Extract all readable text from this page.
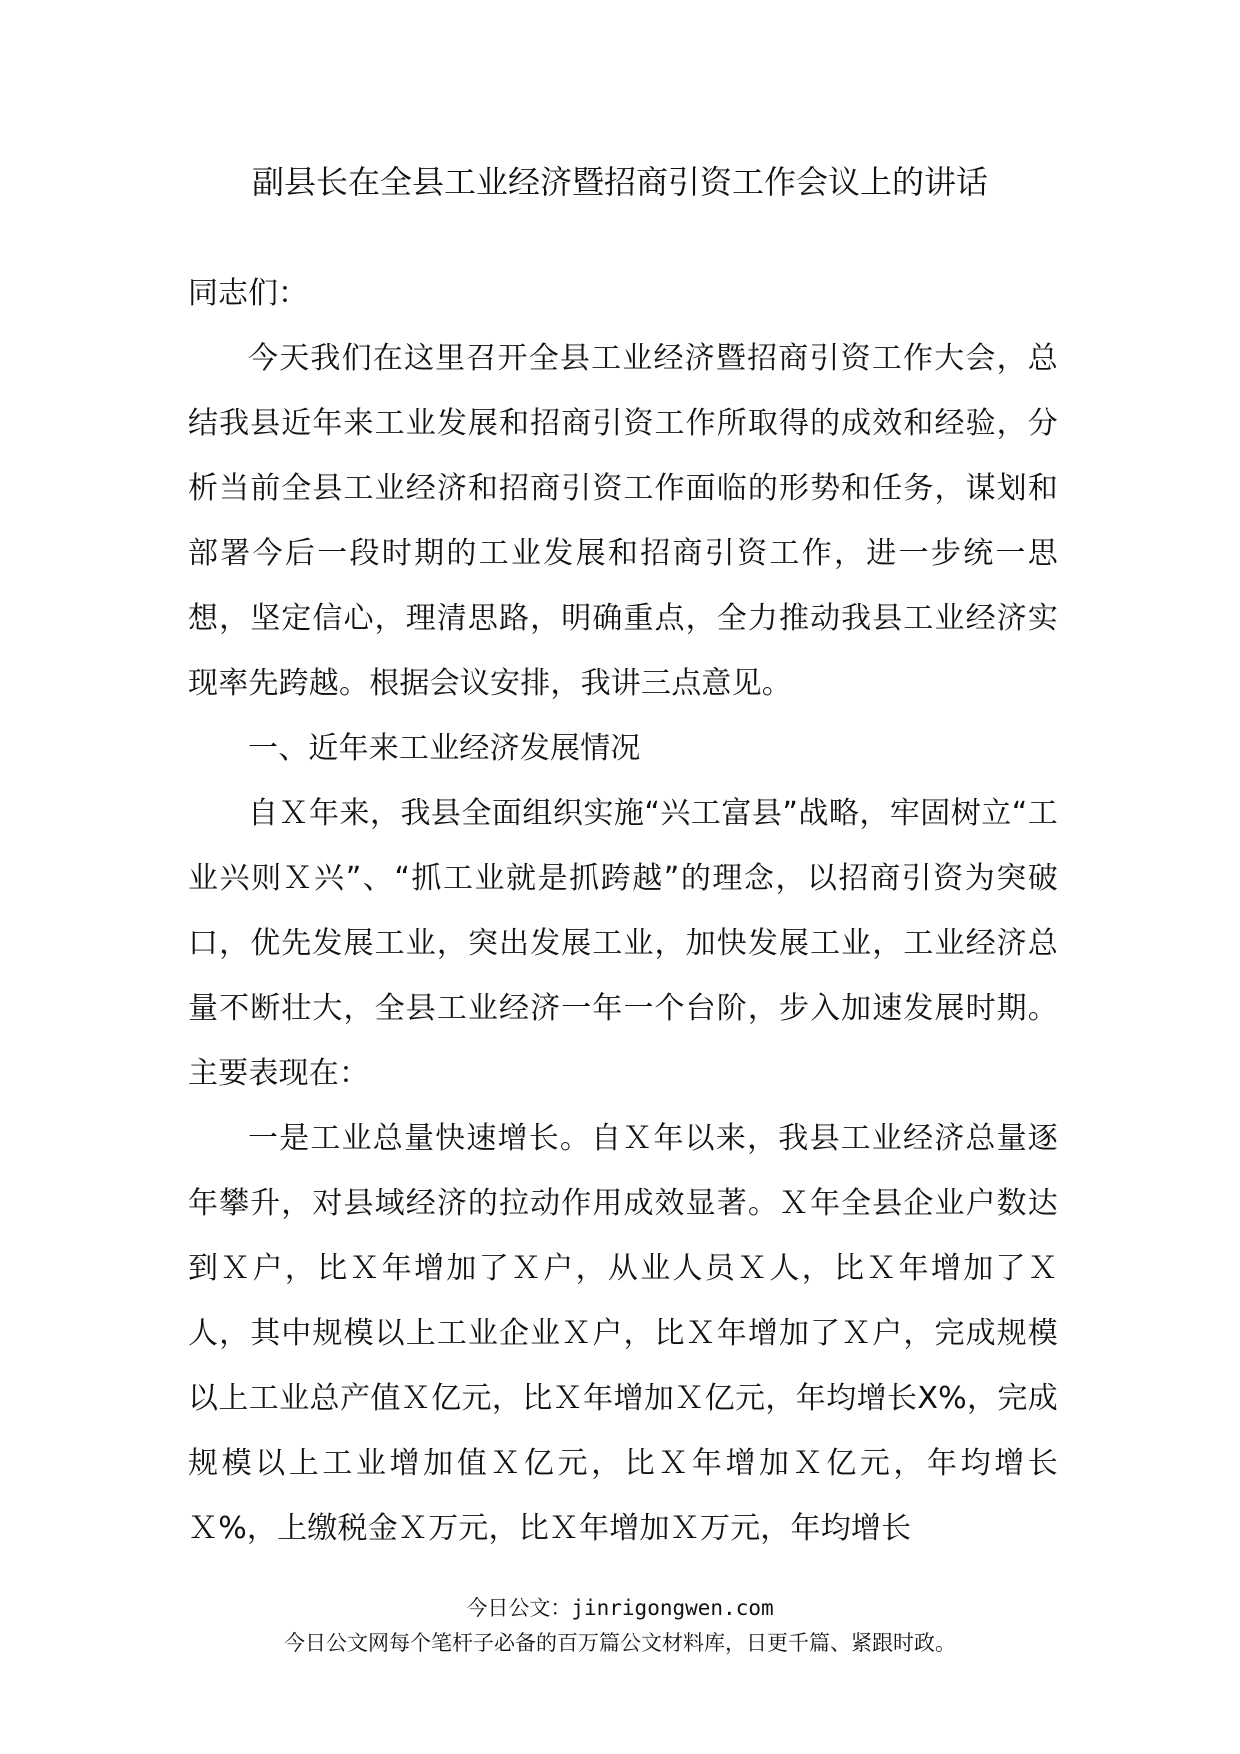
副县长在全县工业经济暨招商引资工作会议上的讲话

同志们：

今天我们在这里召开全县工业经济暨招商引资工作大会，总结我县近年来工业发展和招商引资工作所取得的成效和经验，分析当前全县工业经济和招商引资工作面临的形势和任务，谋划和部署今后一段时期的工业发展和招商引资工作，进一步统一思想，坚定信心，理清思路，明确重点，全力推动我县工业经济实现率先跨越。根据会议安排，我讲三点意见。

一、近年来工业经济发展情况

自Ｘ年来，我县全面组织实施“兴工富县”战略，牢固树立“工业兴则Ｘ兴”、“抓工业就是抓跨越”的理念，以招商引资为突破口，优先发展工业，突出发展工业，加快发展工业，工业经济总量不断壮大，全县工业经济一年一个台阶，步入加速发展时期。主要表现在：

一是工业总量快速增长。自Ｘ年以来，我县工业经济总量逐年攀升，对县域经济的拉动作用成效显著。Ｘ年全县企业户数达到Ｘ户，比Ｘ年增加了Ｘ户，从业人员Ｘ人，比Ｘ年增加了Ｘ人，其中规模以上工业企业Ｘ户，比Ｘ年增加了Ｘ户，完成规模以上工业总产值Ｘ亿元，比Ｘ年增加Ｘ亿元，年均增长X%，完成规模以上工业增加值Ｘ亿元，比Ｘ年增加Ｘ亿元，年均增长Ｘ%，上缴税金Ｘ万元，比Ｘ年增加Ｘ万元，年均增长

今日公文：jinrigongwen.com
今日公文网每个笔杆子必备的百万篇公文材料库，日更千篇、紧跟时政。
